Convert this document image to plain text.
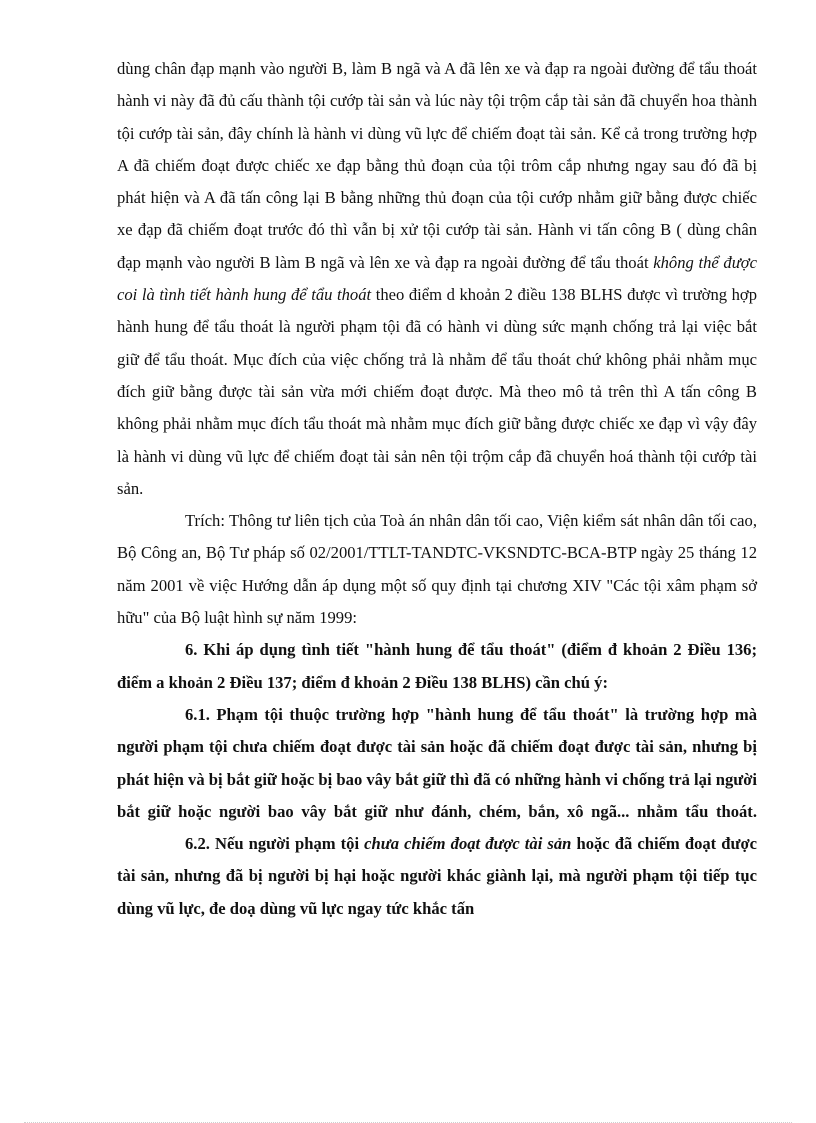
dùng chân đạp mạnh vào người B, làm B ngã và A đã lên xe và đạp ra ngoài đường để tẩu thoát hành vi này đã đủ cấu thành tội cướp tài sản và lúc này tội trộm cắp tài sản đã chuyển hoa thành tội cướp tài sản, đây chính là hành vi dùng vũ lực để chiếm đoạt tài sản. Kể cả trong trường hợp A đã chiếm đoạt được chiếc xe đạp bằng thủ đoạn của tội trôm cắp nhưng ngay sau đó đã bị phát hiện và A đã tấn công lại B bằng những thủ đoạn của tội cướp nhằm giữ bằng được chiếc xe đạp đã chiếm đoạt trước đó thì vẫn bị xử tội cướp tài sản. Hành vi tấn công B ( dùng chân đạp mạnh vào người B làm B ngã và lên xe và đạp ra ngoài đường để tẩu thoát không thể được coi là tình tiết hành hung để tẩu thoát theo điểm d khoản 2 điều 138 BLHS được vì trường hợp hành hung để tẩu thoát là người phạm tội đã có hành vi dùng sức mạnh chống trả lại việc bắt giữ để tẩu thoát. Mục đích của việc chống trả là nhằm để tẩu thoát chứ không phải nhằm mục đích giữ bằng được tài sản vừa mới chiếm đoạt được. Mà theo mô tả trên thì A tấn công B không phải nhằm mục đích tẩu thoát mà nhằm mục đích giữ bằng được chiếc xe đạp vì vậy đây là hành vi dùng vũ lực để chiếm đoạt tài sản nên tội trộm cắp đã chuyển hoá thành tội cướp tài sản.

Trích: Thông tư liên tịch của Toà án nhân dân tối cao, Viện kiểm sát nhân dân tối cao, Bộ Công an, Bộ Tư pháp số 02/2001/TTLT-TANDTC-VKSNDTC-BCA-BTP ngày 25 tháng 12 năm 2001 về việc Hướng dẫn áp dụng một số quy định tại chương XIV "Các tội xâm phạm sở hữu" của Bộ luật hình sự năm 1999:

6. Khi áp dụng tình tiết "hành hung để tẩu thoát" (điểm đ khoản 2 Điều 136; điểm a khoản 2 Điều 137; điểm đ khoản 2 Điều 138 BLHS) cần chú ý:

6.1. Phạm tội thuộc trường hợp "hành hung để tẩu thoát" là trường hợp mà người phạm tội chưa chiếm đoạt được tài sản hoặc đã chiếm đoạt được tài sản, nhưng bị phát hiện và bị bắt giữ hoặc bị bao vây bắt giữ thì đã có những hành vi chống trả lại người bắt giữ hoặc người bao vây bắt giữ như đánh, chém, bắn, xô ngã... nhằm tẩu thoát.

6.2. Nếu người phạm tội chưa chiếm đoạt được tài sản hoặc đã chiếm đoạt được tài sản, nhưng đã bị người bị hại hoặc người khác giành lại, mà người phạm tội tiếp tục dùng vũ lực, đe doạ dùng vũ lực ngay tức khắc tấn
